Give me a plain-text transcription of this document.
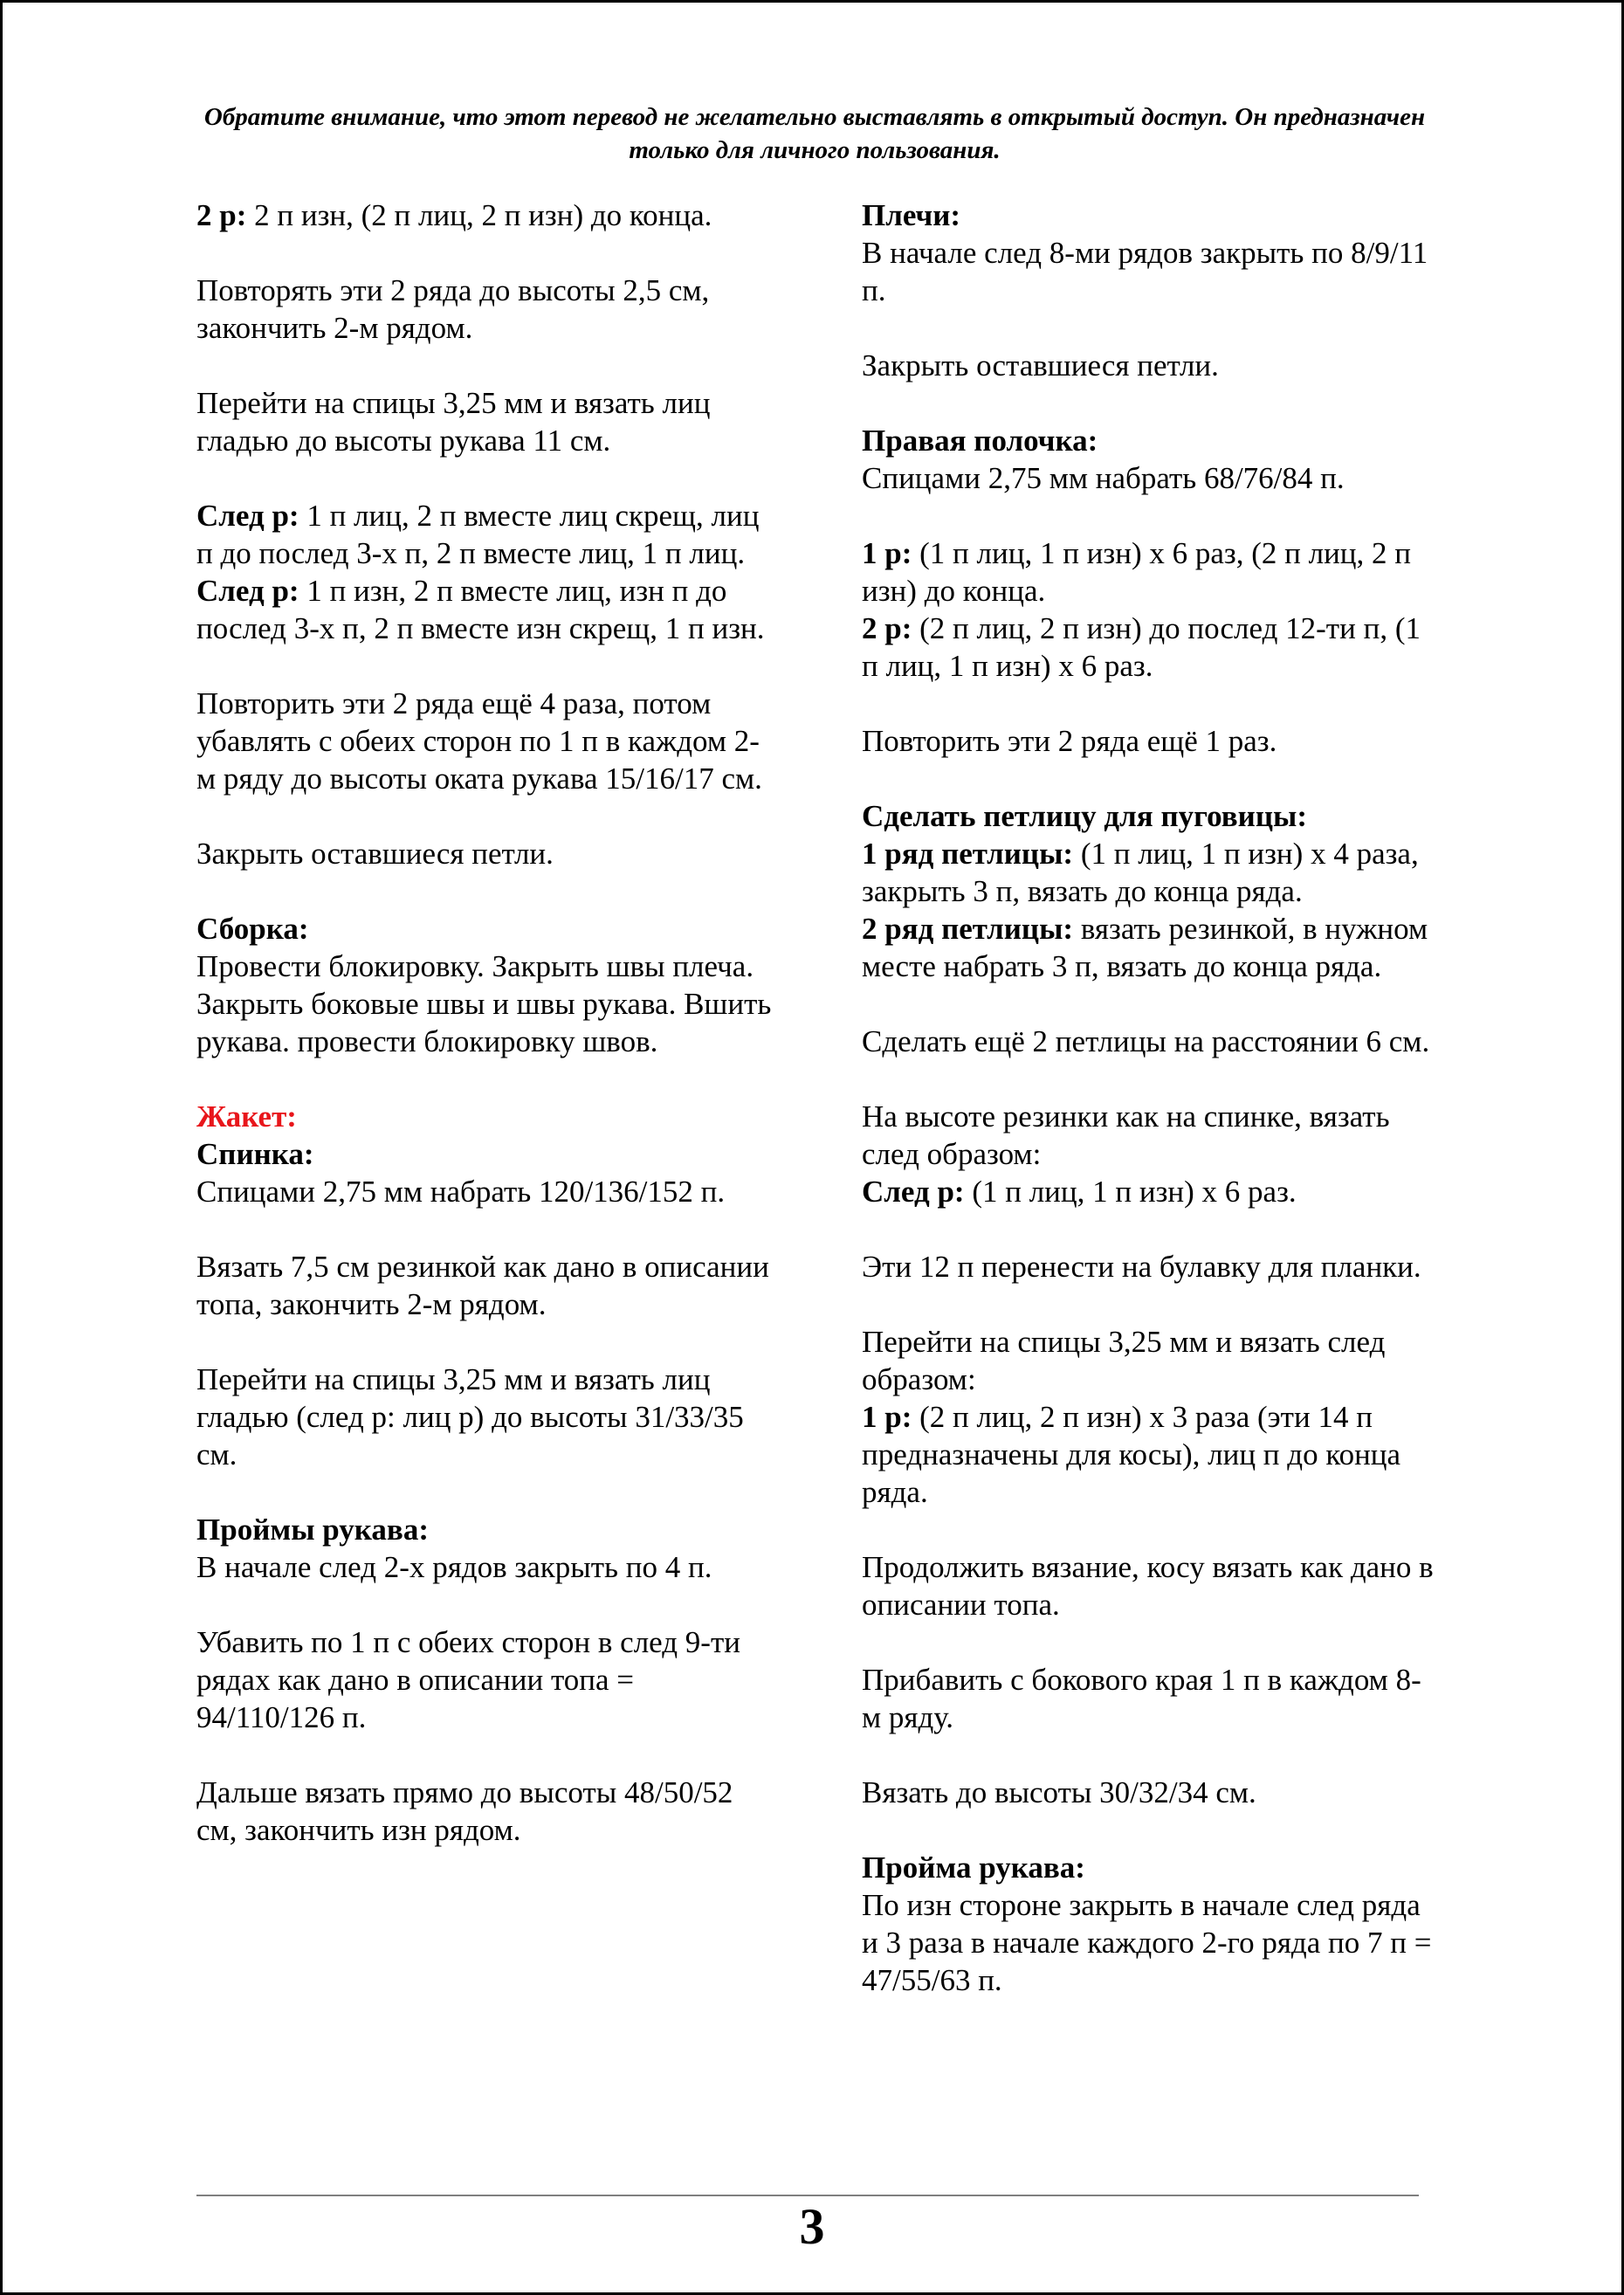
Обратите внимание, что этот перевод не желательно выставлять в открытый доступ. Он предназначен только для личного пользования.

2 р: 2 п изн, (2 п лиц, 2 п изн) до конца.

Повторять эти 2 ряда до высоты 2,5 см, закончить 2-м рядом.

Перейти на спицы 3,25 мм и вязать лиц гладью до высоты рукава 11 см.

След р: 1 п лиц, 2 п вместе лиц скрещ, лиц п до послед 3-х п, 2 п вместе лиц, 1 п лиц.
След р: 1 п изн, 2 п вместе лиц, изн п до послед 3-х п, 2 п вместе изн скрещ, 1 п изн.

Повторить эти 2 ряда ещё 4 раза, потом убавлять с обеих сторон по 1 п в каждом 2-м ряду до высоты оката рукава 15/16/17 см.

Закрыть оставшиеся петли.

Сборка:
Провести блокировку. Закрыть швы плеча. Закрыть боковые швы и швы рукава. Вшить рукава. провести блокировку швов.

Жакет:
Спинка:
Спицами 2,75 мм набрать 120/136/152 п.

Вязать 7,5 см резинкой как дано в описании топа, закончить 2-м рядом.

Перейти на спицы 3,25 мм и вязать лиц гладью (след р: лиц р) до высоты 31/33/35 см.

Проймы рукава:
В начале след 2-х рядов закрыть по 4 п.

Убавить по 1 п с обеих сторон в след 9-ти рядах как дано в описании топа = 94/110/126 п.

Дальше вязать прямо до высоты 48/50/52 см, закончить изн рядом.

Плечи:
В начале след 8-ми рядов закрыть по 8/9/11 п.

Закрыть оставшиеся петли.

Правая полочка:
Спицами 2,75 мм набрать 68/76/84 п.

1 р: (1 п лиц, 1 п изн) х 6 раз, (2 п лиц, 2 п изн) до конца.
2 р: (2 п лиц, 2 п изн) до послед 12-ти п, (1 п лиц, 1 п изн) х 6 раз.

Повторить эти 2 ряда ещё 1 раз.

Сделать петлицу для пуговицы:
1 ряд петлицы: (1 п лиц, 1 п изн) х 4 раза, закрыть 3 п, вязать до конца ряда.
2 ряд петлицы: вязать резинкой, в нужном месте набрать 3 п, вязать до конца ряда.

Сделать ещё 2 петлицы на расстоянии 6 см.

На высоте резинки как на спинке, вязать след образом:
След р: (1 п лиц, 1 п изн) х 6 раз.

Эти 12 п перенести на булавку для планки.

Перейти на спицы 3,25 мм и вязать след образом:
1 р: (2 п лиц, 2 п изн) х 3 раза (эти 14 п предназначены для косы), лиц п до конца ряда.

Продолжить вязание, косу вязать как дано в описании топа.

Прибавить с бокового края 1 п в каждом 8-м ряду.

Вязать до высоты 30/32/34 см.

Пройма рукава:
По изн стороне закрыть в начале след ряда и 3 раза в начале каждого 2-го ряда по 7 п = 47/55/63 п.

3
